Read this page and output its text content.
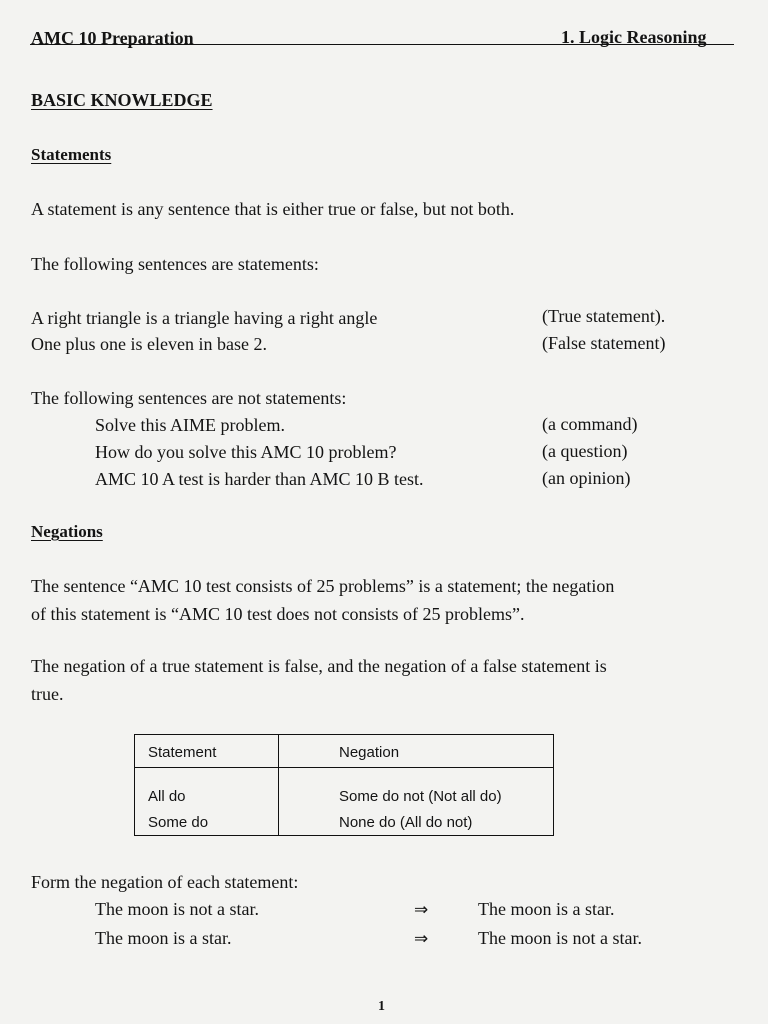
AMC 10 Preparation	1. Logic Reasoning
BASIC KNOWLEDGE
Statements
A statement is any sentence that is either true or false, but not both.
The following sentences are statements:
A right triangle is a triangle having a right angle	(True statement).
One plus one is eleven in base 2.	(False statement)
The following sentences are not statements:
Solve this AIME problem.	(a command)
How do you solve this AMC 10 problem?	(a question)
AMC 10 A test is harder than AMC 10 B test.	(an opinion)
Negations
The sentence “AMC 10 test consists of 25 problems” is a statement; the negation
of this statement is “AMC 10 test does not consists of 25 problems”.
The negation of a true statement is false, and the negation of a false statement is
true.
Statement	Negation
All do	Some do not (Not all do)
Some do	None do (All do not)
Form the negation of each statement:
The moon is not a star.	⇒	The moon is a star.
The moon is a star.	⇒	The moon is not a star.
1
